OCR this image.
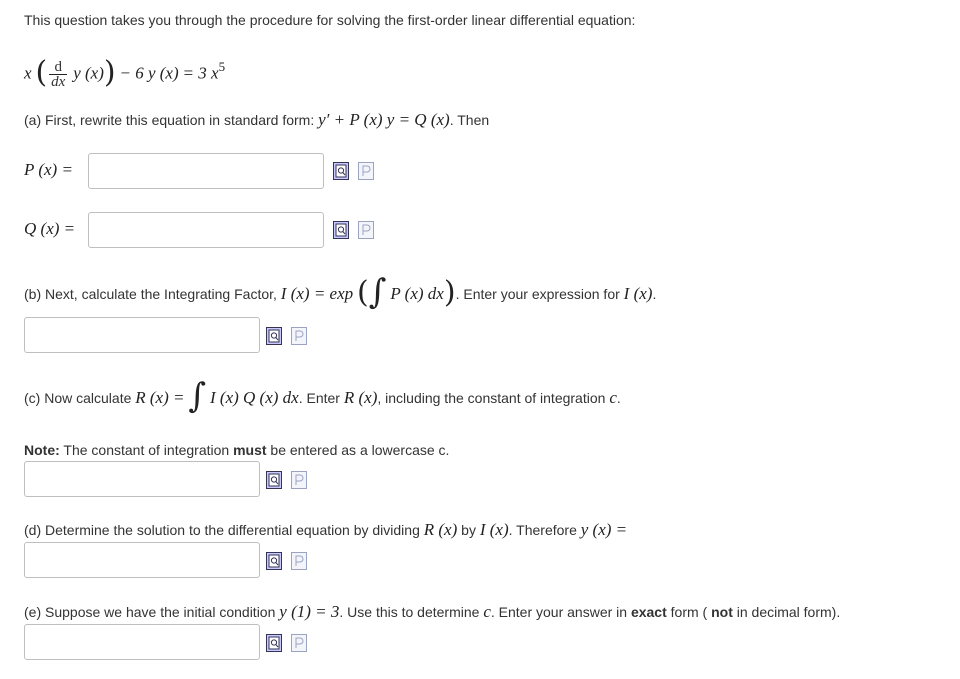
This question takes you through the procedure for solving the first-order linear differential equation:
x ( $\frac{d}{dx}$ y (x)) − 6 y (x) = 3 $x^5$
(a) First, rewrite this equation in standard form: y′ + P (x) y = Q (x). Then
P (x) =
Q (x) =
(b) Next, calculate the Integrating Factor, I (x) = exp (∫ P (x) dx). Enter your expression for I (x).
(c) Now calculate R (x) = ∫ I (x) Q (x) dx. Enter R (x), including the constant of integration c.
Note: The constant of integration must be entered as a lowercase c.
(d) Determine the solution to the differential equation by dividing R (x) by I (x). Therefore y (x) =
(e) Suppose we have the initial condition y (1) = 3. Use this to determine c. Enter your answer in exact form ( not in decimal form).
